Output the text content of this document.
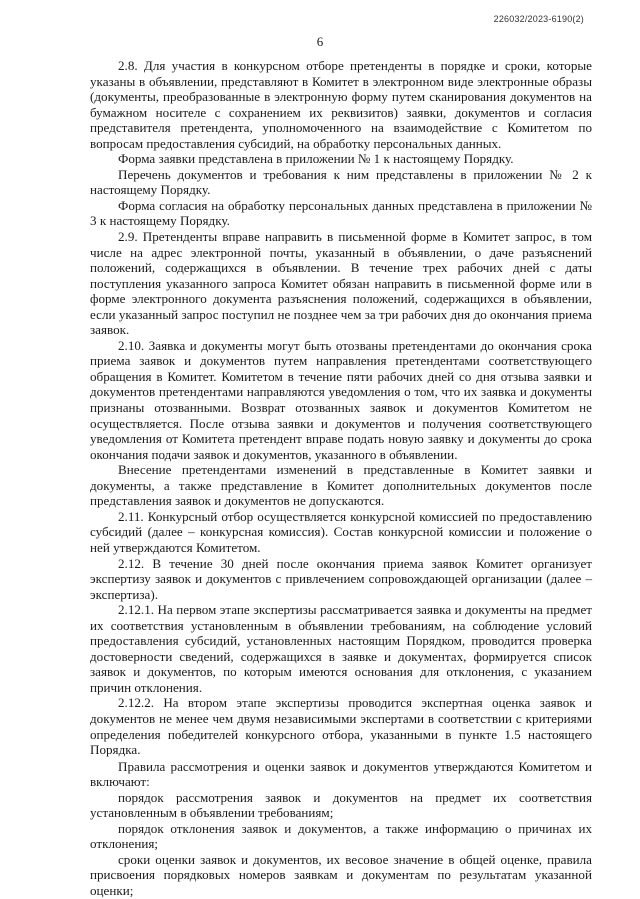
226032/2023-6190(2)
6

2.8. Для участия в конкурсном отборе претенденты в порядке и сроки, которые указаны в объявлении, представляют в Комитет в электронном виде электронные образы (документы, преобразованные в электронную форму путем сканирования документов на бумажном носителе с сохранением их реквизитов) заявки, документов и согласия представителя претендента, уполномоченного на взаимодействие с Комитетом по вопросам предоставления субсидий, на обработку персональных данных.

Форма заявки представлена в приложении № 1 к настоящему Порядку.

Перечень документов и требования к ним представлены в приложении № 2 к настоящему Порядку.

Форма согласия на обработку персональных данных представлена в приложении № 3 к настоящему Порядку.

2.9. Претенденты вправе направить в письменной форме в Комитет запрос, в том числе на адрес электронной почты, указанный в объявлении, о даче разъяснений положений, содержащихся в объявлении. В течение трех рабочих дней с даты поступления указанного запроса Комитет обязан направить в письменной форме или в форме электронного документа разъяснения положений, содержащихся в объявлении, если указанный запрос поступил не позднее чем за три рабочих дня до окончания приема заявок.

2.10. Заявка и документы могут быть отозваны претендентами до окончания срока приема заявок и документов путем направления претендентами соответствующего обращения в Комитет. Комитетом в течение пяти рабочих дней со дня отзыва заявки и документов претендентами направляются уведомления о том, что их заявка и документы признаны отозванными. Возврат отозванных заявок и документов Комитетом не осуществляется. После отзыва заявки и документов и получения соответствующего уведомления от Комитета претендент вправе подать новую заявку и документы до срока окончания подачи заявок и документов, указанного в объявлении.

Внесение претендентами изменений в представленные в Комитет заявки и документы, а также представление в Комитет дополнительных документов после представления заявок и документов не допускаются.

2.11. Конкурсный отбор осуществляется конкурсной комиссией по предоставлению субсидий (далее – конкурсная комиссия). Состав конкурсной комиссии и положение о ней утверждаются Комитетом.

2.12. В течение 30 дней после окончания приема заявок Комитет организует экспертизу заявок и документов с привлечением сопровождающей организации (далее – экспертиза).

2.12.1. На первом этапе экспертизы рассматривается заявка и документы на предмет их соответствия установленным в объявлении требованиям, на соблюдение условий предоставления субсидий, установленных настоящим Порядком, проводится проверка достоверности сведений, содержащихся в заявке и документах, формируется список заявок и документов, по которым имеются основания для отклонения, с указанием причин отклонения.

2.12.2. На втором этапе экспертизы проводится экспертная оценка заявок и документов не менее чем двумя независимыми экспертами в соответствии с критериями определения победителей конкурсного отбора, указанными в пункте 1.5 настоящего Порядка.

Правила рассмотрения и оценки заявок и документов утверждаются Комитетом и включают:

порядок рассмотрения заявок и документов на предмет их соответствия установленным в объявлении требованиям;

порядок отклонения заявок и документов, а также информацию о причинах их отклонения;

сроки оценки заявок и документов, их весовое значение в общей оценке, правила присвоения порядковых номеров заявкам и документам по результатам указанной оценки;
